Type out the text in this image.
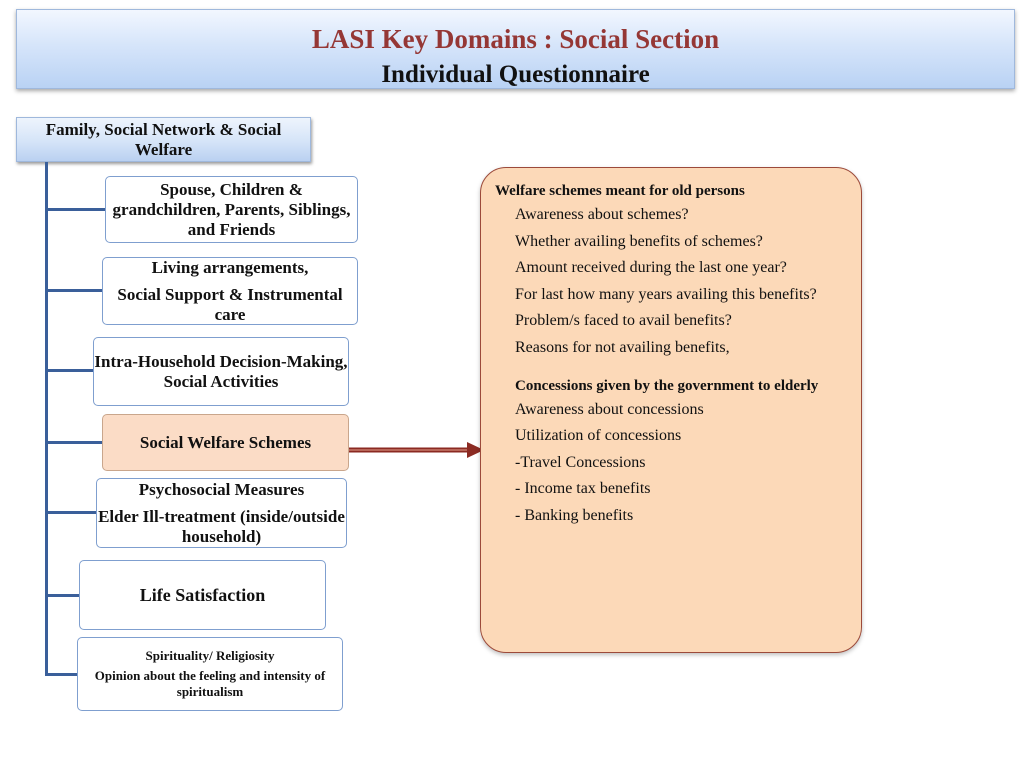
LASI Key Domains : Social Section
Individual Questionnaire
Family, Social Network & Social Welfare
Spouse, Children & grandchildren, Parents, Siblings, and Friends
Living arrangements,
Social Support & Instrumental care
Intra-Household Decision-Making, Social Activities
Social Welfare Schemes
Psychosocial Measures
Elder Ill-treatment (inside/outside household)
Life Satisfaction
Spirituality/ Religiosity
Opinion about the feeling and intensity of spiritualism
Welfare schemes meant for old persons
Awareness about schemes?
Whether availing benefits of schemes?
Amount received during the last one year?
For last how many years availing this benefits?
Problem/s faced to avail benefits?
Reasons for not availing benefits,
Concessions given by the government to elderly
Awareness about concessions
Utilization of concessions
-Travel Concessions
- Income tax benefits
- Banking benefits
